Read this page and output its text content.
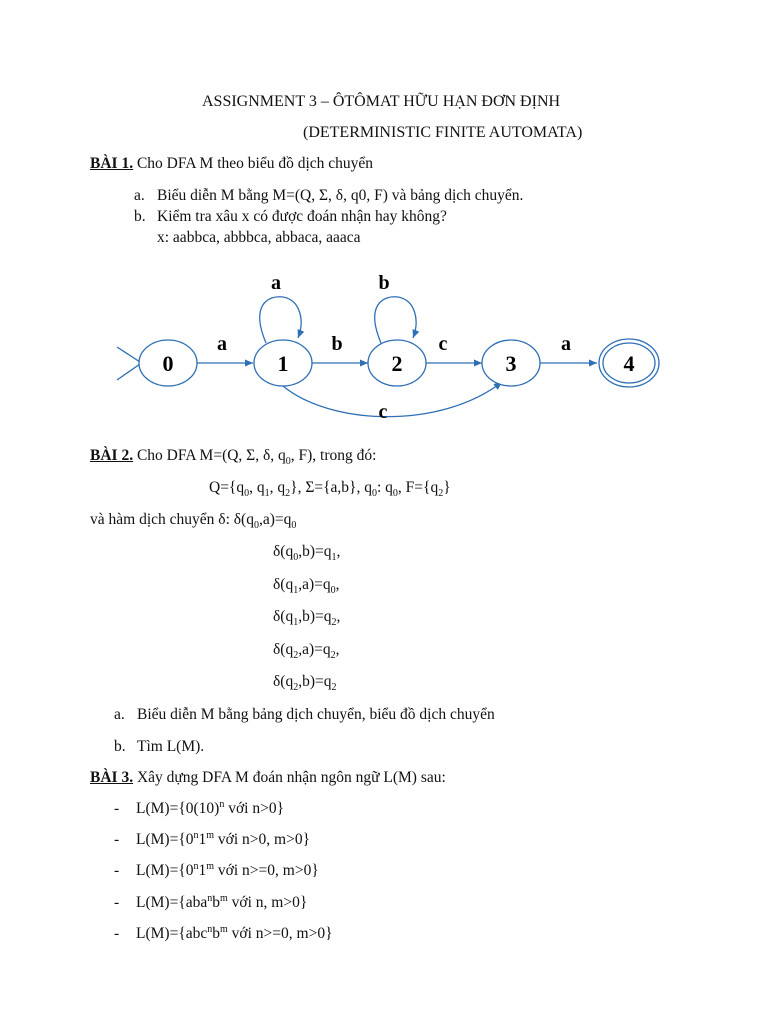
ASSIGNMENT 3 – ÔTÔMAT HỮU HẠN ĐƠN ĐỊNH
(DETERMINISTIC FINITE AUTOMATA)
BÀI 1. Cho DFA M theo biểu đồ dịch chuyển
a. Biểu diễn M bằng M=(Q, Σ, δ, q0, F) và bảng dịch chuyển.
b. Kiểm tra xâu x có được đoán nhận hay không?
x: aabbca, abbbca, abbaca, aaaca
0	1	2	3	4
a	b	c	a
a	b
c
BÀI 2. Cho DFA M=(Q, Σ, δ, $q_0$, F), trong đó:
$Q=\{q_0$, $q_1$, $q_2$}, Σ={a,b}, $q_0$: $q_0$, $F=\{q_2\}$
và hàm dịch chuyển δ: $\delta(q_0,a)=q_0$
$\delta(q_0,b)=q_1$,
$\delta(q_1,a)=q_0$,
$\delta(q_1,b)=q_2$,
$\delta(q_2,a)=q_2$,
$\delta(q_2,b)=q_2$
a. Biểu diễn M bằng bảng dịch chuyển, biểu đồ dịch chuyển
b. Tìm L(M).
BÀI 3. Xây dựng DFA M đoán nhận ngôn ngữ L(M) sau:
- $L(M)=\{0(10)^n$ với n>0}
- $L(M)=\{0^n1^m$ với n>0, m>0}
- $L(M)=\{0^n1^m$ với n>=0, m>0}
- $L(M)=\{aba^nb^m$ với n, m>0}
- $L(M)=\{abc^nb^m$ với n>=0, m>0}
